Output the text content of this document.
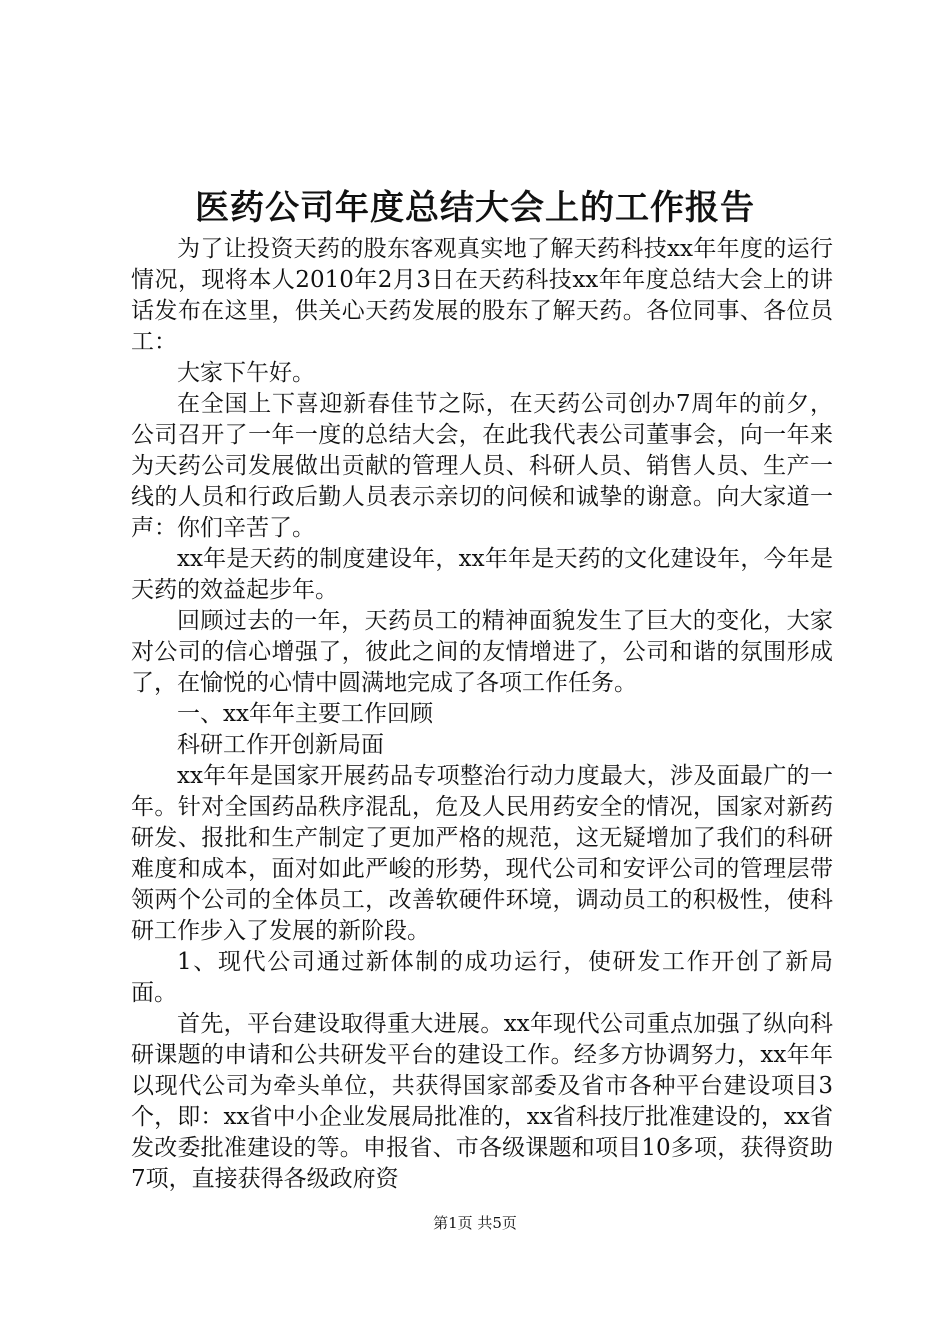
医药公司年度总结大会上的工作报告

为了让投资天药的股东客观真实地了解天药科技xx年年度的运行情况，现将本人2010年2月3日在天药科技xx年年度总结大会上的讲话发布在这里，供关心天药发展的股东了解天药。各位同事、各位员工：

大家下午好。

在全国上下喜迎新春佳节之际，在天药公司创办7周年的前夕，公司召开了一年一度的总结大会，在此我代表公司董事会，向一年来为天药公司发展做出贡献的管理人员、科研人员、销售人员、生产一线的人员和行政后勤人员表示亲切的问候和诚挚的谢意。向大家道一声：你们辛苦了。

xx年是天药的制度建设年，xx年年是天药的文化建设年，今年是天药的效益起步年。

回顾过去的一年，天药员工的精神面貌发生了巨大的变化，大家对公司的信心增强了，彼此之间的友情增进了，公司和谐的氛围形成了，在愉悦的心情中圆满地完成了各项工作任务。

一、xx年年主要工作回顾

科研工作开创新局面

xx年年是国家开展药品专项整治行动力度最大，涉及面最广的一年。针对全国药品秩序混乱，危及人民用药安全的情况，国家对新药研发、报批和生产制定了更加严格的规范，这无疑增加了我们的科研难度和成本，面对如此严峻的形势，现代公司和安评公司的管理层带领两个公司的全体员工，改善软硬件环境，调动员工的积极性，使科研工作步入了发展的新阶段。

1、现代公司通过新体制的成功运行，使研发工作开创了新局面。

首先，平台建设取得重大进展。xx年现代公司重点加强了纵向科研课题的申请和公共研发平台的建设工作。经多方协调努力，xx年年以现代公司为牵头单位，共获得国家部委及省市各种平台建设项目3个，即：xx省中小企业发展局批准的，xx省科技厅批准建设的，xx省发改委批准建设的等。申报省、市各级课题和项目10多项，获得资助7项，直接获得各级政府资

第1页 共5页
